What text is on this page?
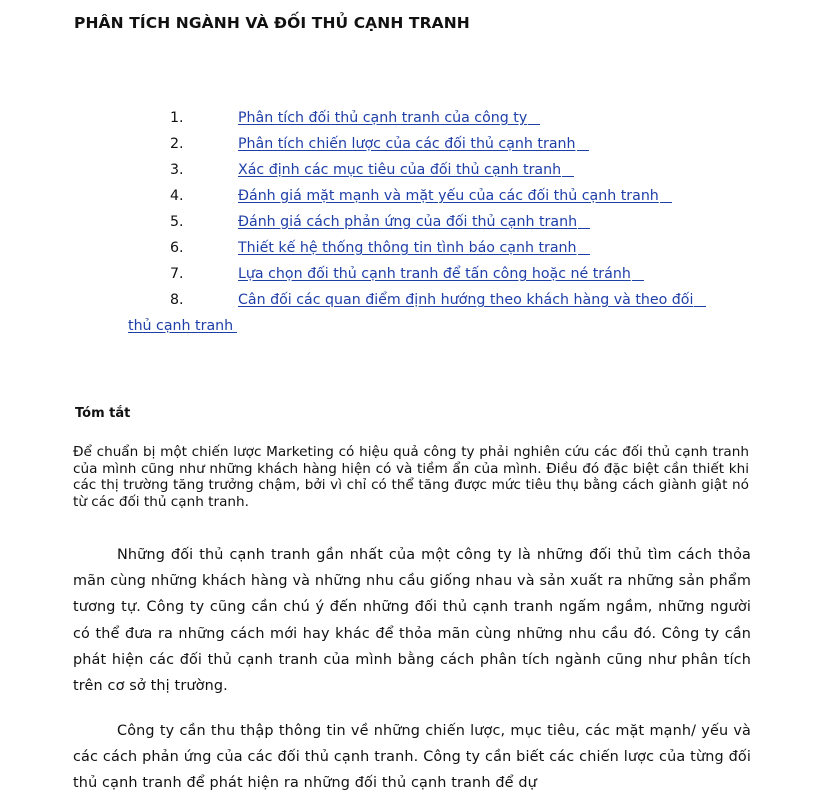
PHÂN TÍCH NGÀNH VÀ ĐỐI THỦ CẠNH TRANH
1.	Phân tích đối thủ cạnh tranh của công ty
2.	Phân tích chiến lược của các đối thủ cạnh tranh
3.	Xác định các mục tiêu của đối thủ cạnh tranh
4.	Đánh giá mặt mạnh và mặt yếu của các đối thủ cạnh tranh
5.	Đánh giá cách phản ứng của đối thủ cạnh tranh
6.	Thiết kế hệ thống thông tin tình báo cạnh tranh
7.	Lựa chọn đối thủ cạnh tranh để tấn công hoặc né tránh
8.	Cân đối các quan điểm định hướng theo khách hàng và theo đối
thủ cạnh tranh
Tóm tắt
Để chuẩn bị một chiến lược Marketing có hiệu quả công ty phải nghiên cứu các đối thủ cạnh tranh của mình cũng như những khách hàng hiện có và tiềm ẩn của mình. Điều đó đặc biệt cần thiết khi các thị trường tăng trưởng chậm, bởi vì chỉ có thể tăng được mức tiêu thụ bằng cách giành giật nó từ các đối thủ cạnh tranh.
Những đối thủ cạnh tranh gần nhất của một công ty là những đối thủ tìm cách thỏa mãn cùng những khách hàng và những nhu cầu giống nhau và sản xuất ra những sản phẩm tương tự. Công ty cũng cần chú ý đến những đối thủ cạnh tranh ngấm ngầm, những người có thể đưa ra những cách mới hay khác để thỏa mãn cùng những nhu cầu đó. Công ty cần phát hiện các đối thủ cạnh tranh của mình bằng cách phân tích ngành cũng như phân tích trên cơ sở thị trường.
Công ty cần thu thập thông tin về những chiến lược, mục tiêu, các mặt mạnh/ yếu và các cách phản ứng của các đối thủ cạnh tranh. Công ty cần biết các chiến lược của từng đối thủ cạnh tranh để phát hiện ra những đối thủ cạnh tranh để dự
